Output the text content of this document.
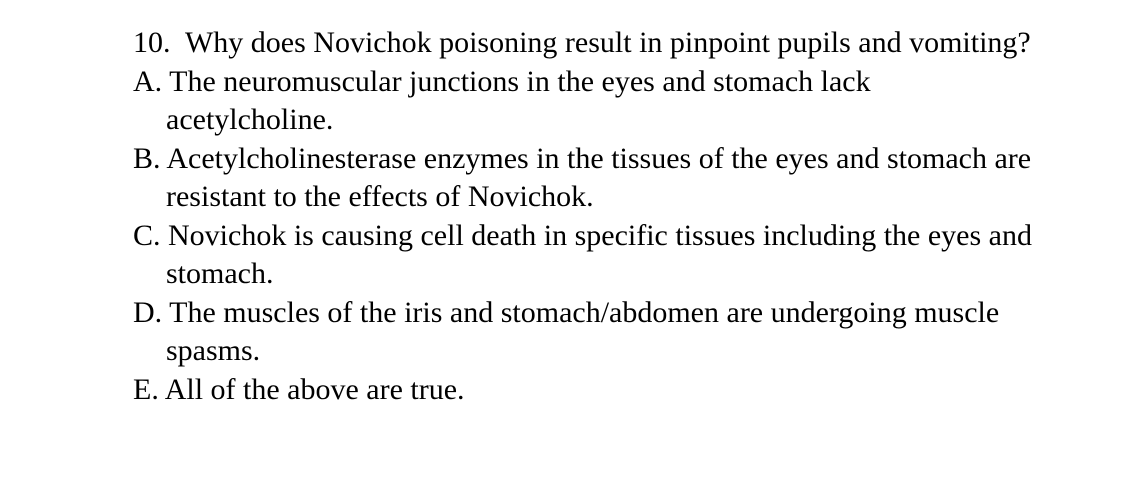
10. Why does Novichok poisoning result in pinpoint pupils and vomiting?

A. The neuromuscular junctions in the eyes and stomach lack acetylcholine.
B. Acetylcholinesterase enzymes in the tissues of the eyes and stomach are resistant to the effects of Novichok.
C. Novichok is causing cell death in specific tissues including the eyes and stomach.
D. The muscles of the iris and stomach/abdomen are undergoing muscle spasms.
E. All of the above are true.
